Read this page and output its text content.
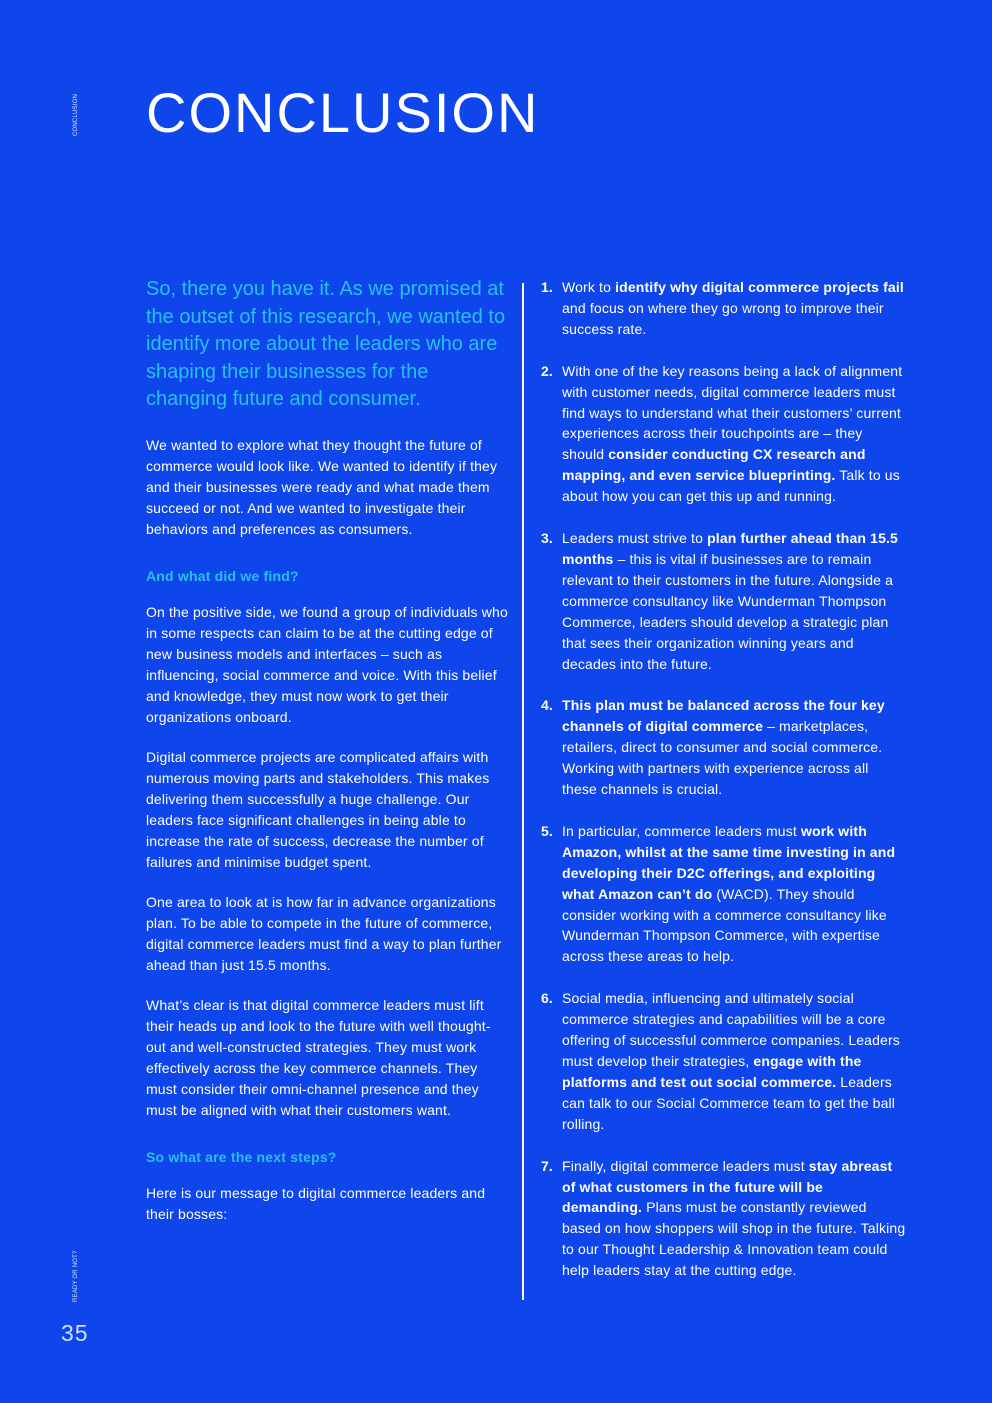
CONCLUSION
READY OR NOT?
35
CONCLUSION

So, there you have it. As we promised at the outset of this research, we wanted to identify more about the leaders who are shaping their businesses for the changing future and consumer.

We wanted to explore what they thought the future of commerce would look like. We wanted to identify if they and their businesses were ready and what made them succeed or not. And we wanted to investigate their behaviors and preferences as consumers.

And what did we find?

On the positive side, we found a group of individuals who in some respects can claim to be at the cutting edge of new business models and interfaces – such as influencing, social commerce and voice. With this belief and knowledge, they must now work to get their organizations onboard.

Digital commerce projects are complicated affairs with numerous moving parts and stakeholders. This makes delivering them successfully a huge challenge. Our leaders face significant challenges in being able to increase the rate of success, decrease the number of failures and minimise budget spent.

One area to look at is how far in advance organizations plan. To be able to compete in the future of commerce, digital commerce leaders must find a way to plan further ahead than just 15.5 months.

What’s clear is that digital commerce leaders must lift their heads up and look to the future with well thought-out and well-constructed strategies. They must work effectively across the key commerce channels. They must consider their omni-channel presence and they must be aligned with what their customers want.

So what are the next steps?

Here is our message to digital commerce leaders and their bosses:

1. Work to identify why digital commerce projects fail and focus on where they go wrong to improve their success rate.
2. With one of the key reasons being a lack of alignment with customer needs, digital commerce leaders must find ways to understand what their customers’ current experiences across their touchpoints are – they should consider conducting CX research and mapping, and even service blueprinting. Talk to us about how you can get this up and running.
3. Leaders must strive to plan further ahead than 15.5 months – this is vital if businesses are to remain relevant to their customers in the future. Alongside a commerce consultancy like Wunderman Thompson Commerce, leaders should develop a strategic plan that sees their organization winning years and decades into the future.
4. This plan must be balanced across the four key channels of digital commerce – marketplaces, retailers, direct to consumer and social commerce. Working with partners with experience across all these channels is crucial.
5. In particular, commerce leaders must work with Amazon, whilst at the same time investing in and developing their D2C offerings, and exploiting what Amazon can’t do (WACD). They should consider working with a commerce consultancy like Wunderman Thompson Commerce, with expertise across these areas to help.
6. Social media, influencing and ultimately social commerce strategies and capabilities will be a core offering of successful commerce companies. Leaders must develop their strategies, engage with the platforms and test out social commerce. Leaders can talk to our Social Commerce team to get the ball rolling.
7. Finally, digital commerce leaders must stay abreast of what customers in the future will be demanding. Plans must be constantly reviewed based on how shoppers will shop in the future. Talking to our Thought Leadership & Innovation team could help leaders stay at the cutting edge.
